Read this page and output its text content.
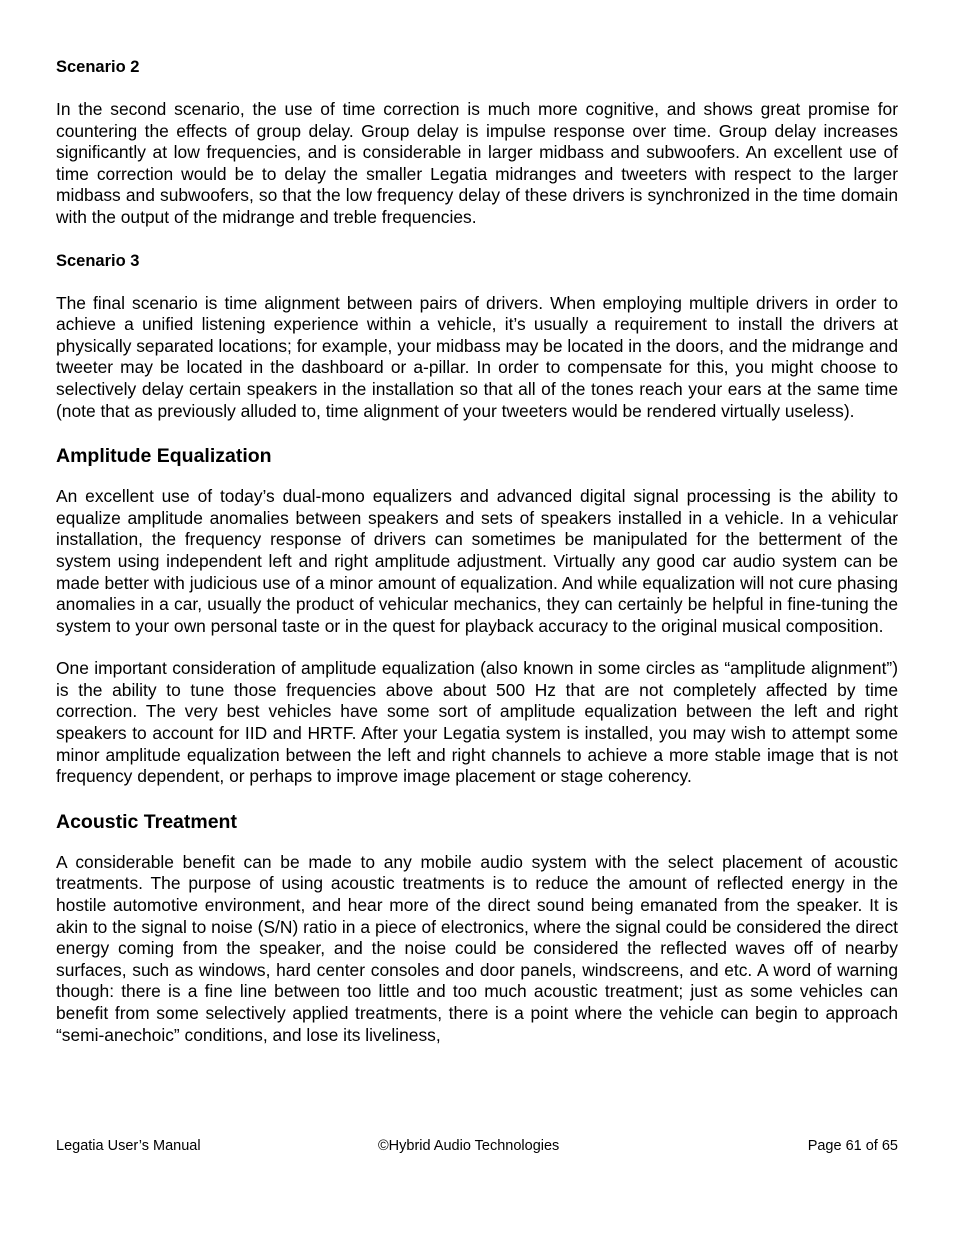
Scenario 2

In the second scenario, the use of time correction is much more cognitive, and shows great promise for countering the effects of group delay. Group delay is impulse response over time. Group delay increases significantly at low frequencies, and is considerable in larger midbass and subwoofers. An excellent use of time correction would be to delay the smaller Legatia midranges and tweeters with respect to the larger midbass and subwoofers, so that the low frequency delay of these drivers is synchronized in the time domain with the output of the midrange and treble frequencies.

Scenario 3

The final scenario is time alignment between pairs of drivers. When employing multiple drivers in order to achieve a unified listening experience within a vehicle, it’s usually a requirement to install the drivers at physically separated locations; for example, your midbass may be located in the doors, and the midrange and tweeter may be located in the dashboard or a-pillar. In order to compensate for this, you might choose to selectively delay certain speakers in the installation so that all of the tones reach your ears at the same time (note that as previously alluded to, time alignment of your tweeters would be rendered virtually useless).

Amplitude Equalization

An excellent use of today’s dual-mono equalizers and advanced digital signal processing is the ability to equalize amplitude anomalies between speakers and sets of speakers installed in a vehicle. In a vehicular installation, the frequency response of drivers can sometimes be manipulated for the betterment of the system using independent left and right amplitude adjustment. Virtually any good car audio system can be made better with judicious use of a minor amount of equalization. And while equalization will not cure phasing anomalies in a car, usually the product of vehicular mechanics, they can certainly be helpful in fine-tuning the system to your own personal taste or in the quest for playback accuracy to the original musical composition.

One important consideration of amplitude equalization (also known in some circles as “amplitude alignment”) is the ability to tune those frequencies above about 500 Hz that are not completely affected by time correction. The very best vehicles have some sort of amplitude equalization between the left and right speakers to account for IID and HRTF. After your Legatia system is installed, you may wish to attempt some minor amplitude equalization between the left and right channels to achieve a more stable image that is not frequency dependent, or perhaps to improve image placement or stage coherency.

Acoustic Treatment

A considerable benefit can be made to any mobile audio system with the select placement of acoustic treatments. The purpose of using acoustic treatments is to reduce the amount of reflected energy in the hostile automotive environment, and hear more of the direct sound being emanated from the speaker. It is akin to the signal to noise (S/N) ratio in a piece of electronics, where the signal could be considered the direct energy coming from the speaker, and the noise could be considered the reflected waves off of nearby surfaces, such as windows, hard center consoles and door panels, windscreens, and etc. A word of warning though: there is a fine line between too little and too much acoustic treatment; just as some vehicles can benefit from some selectively applied treatments, there is a point where the vehicle can begin to approach “semi-anechoic” conditions, and lose its liveliness,

Legatia User’s Manual	©Hybrid Audio Technologies	Page 61 of 65
